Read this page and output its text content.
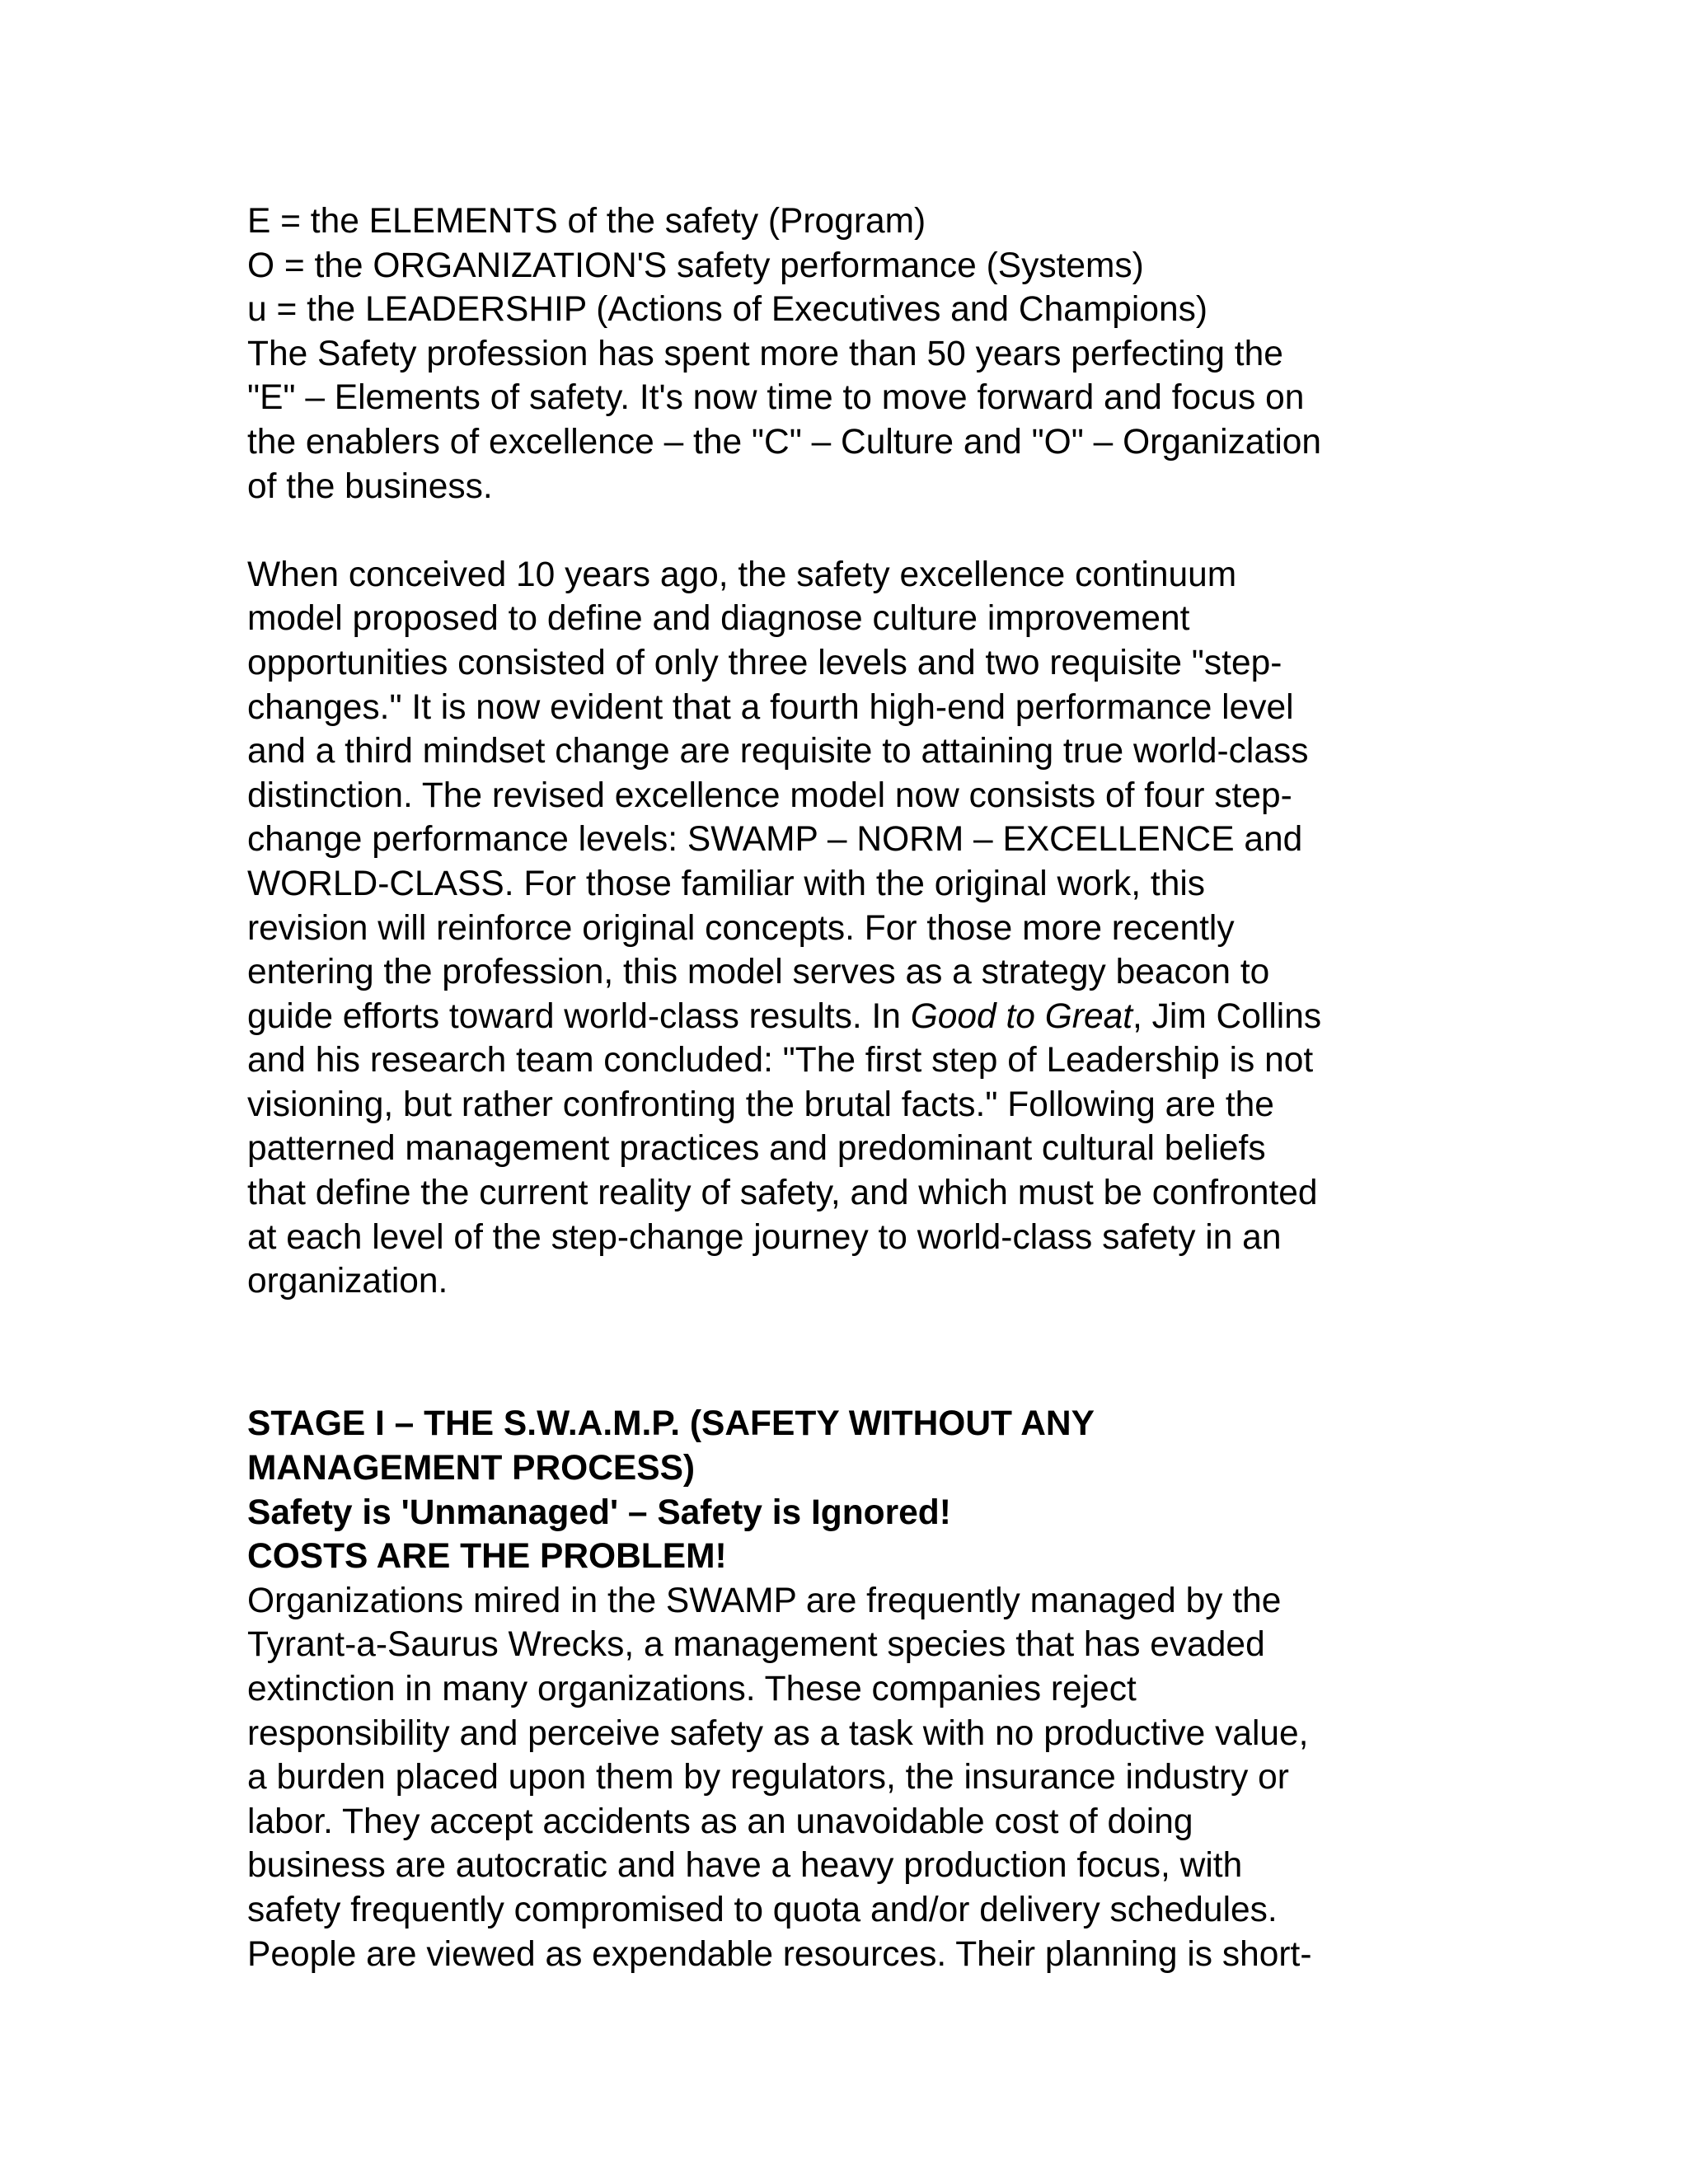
E = the ELEMENTS of the safety (Program)
O = the ORGANIZATION'S safety performance (Systems)
u = the LEADERSHIP (Actions of Executives and Champions)
The Safety profession has spent more than 50 years perfecting the
"E" – Elements of safety. It's now time to move forward and focus on
the enablers of excellence – the "C" – Culture and "O" – Organization
of the business.
When conceived 10 years ago, the safety excellence continuum
model proposed to define and diagnose culture improvement
opportunities consisted of only three levels and two requisite "step-
changes." It is now evident that a fourth high-end performance level
and a third mindset change are requisite to attaining true world-class
distinction. The revised excellence model now consists of four step-
change performance levels: SWAMP – NORM – EXCELLENCE and
WORLD-CLASS. For those familiar with the original work, this
revision will reinforce original concepts. For those more recently
entering the profession, this model serves as a strategy beacon to
guide efforts toward world-class results. In Good to Great, Jim Collins
and his research team concluded: "The first step of Leadership is not
visioning, but rather confronting the brutal facts." Following are the
patterned management practices and predominant cultural beliefs
that define the current reality of safety, and which must be confronted
at each level of the step-change journey to world-class safety in an
organization.
STAGE I – THE S.W.A.M.P. (SAFETY WITHOUT ANY
MANAGEMENT PROCESS)
Safety is 'Unmanaged' – Safety is Ignored!
COSTS ARE THE PROBLEM!
Organizations mired in the SWAMP are frequently managed by the
Tyrant-a-Saurus Wrecks, a management species that has evaded
extinction in many organizations. These companies reject
responsibility and perceive safety as a task with no productive value,
a burden placed upon them by regulators, the insurance industry or
labor. They accept accidents as an unavoidable cost of doing
business are autocratic and have a heavy production focus, with
safety frequently compromised to quota and/or delivery schedules.
People are viewed as expendable resources. Their planning is short-
